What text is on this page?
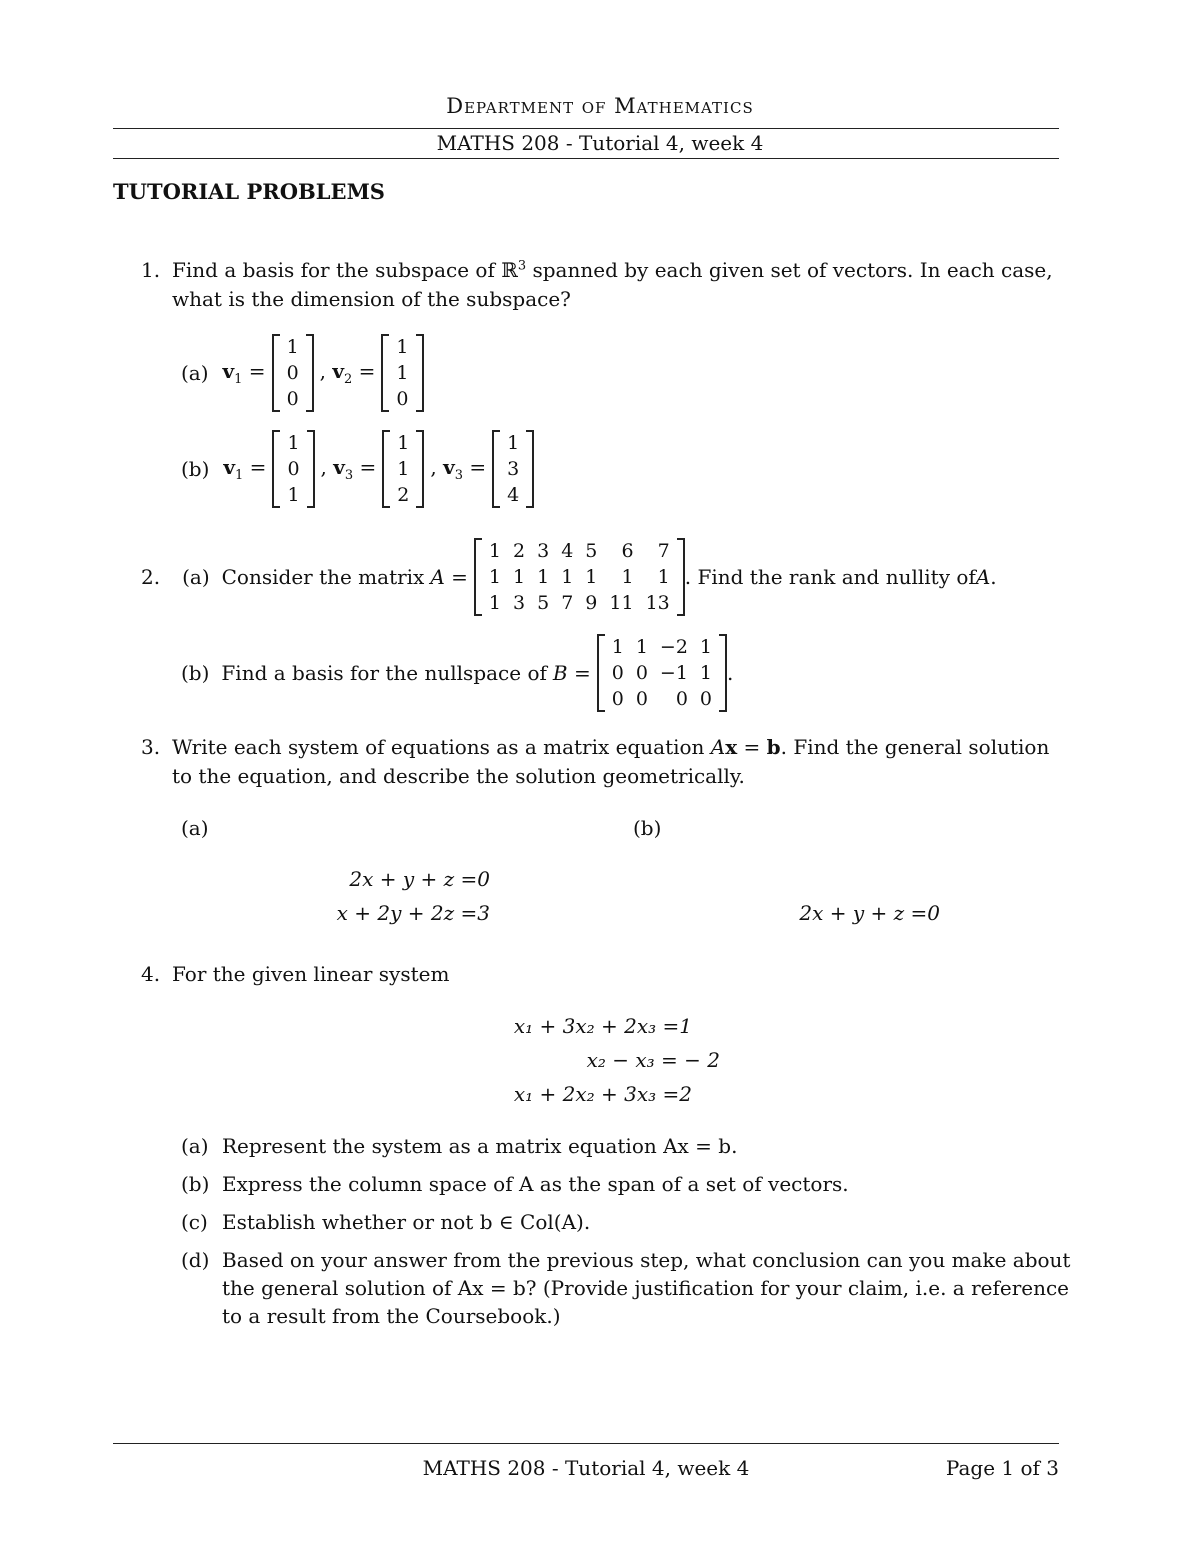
Department of Mathematics
MATHS 208 - Tutorial 4, week 4
TUTORIAL PROBLEMS
1. Find a basis for the subspace of ℝ$^3$ spanned by each given set of vectors. In each case,
what is the dimension of the subspace?
(a) $v_1$ =
1
0
0
, $v_2$ =
1
1
0
(b) $v_1$ =
1
0
1
, $v_3$ =
1
1
2
, $v_3$ =
1
3
4
2. (a) Consider the matrix A =
1	2	3	4	5	6	7
1	1	1	1	1	1	1
1	3	5	7	9	11	13
. Find the rank and nullity of A .
(b) Find a basis for the nullspace of B =
1	1	−2	1
0	0	−1	1
0	0	0	0
.
3. Write each system of equations as a matrix equation Ax = b. Find the general solution
to the equation, and describe the solution geometrically.
(a)	(b)
2x + y + z =0
x + 2y + 2z =3	2x + y + z =0
4. For the given linear system
x₁ + 3x₂ + 2x₃ =1
x₂ − x₃ = − 2
x₁ + 2x₂ + 3x₃ =2
(a) Represent the system as a matrix equation Ax = b.
(b) Express the column space of A as the span of a set of vectors.
(c) Establish whether or not b ∈ Col(A).
(d) Based on your answer from the previous step, what conclusion can you make about
the general solution of Ax = b? (Provide justification for your claim, i.e. a reference
to a result from the Coursebook.)
MATHS 208 - Tutorial 4, week 4	Page 1 of 3
